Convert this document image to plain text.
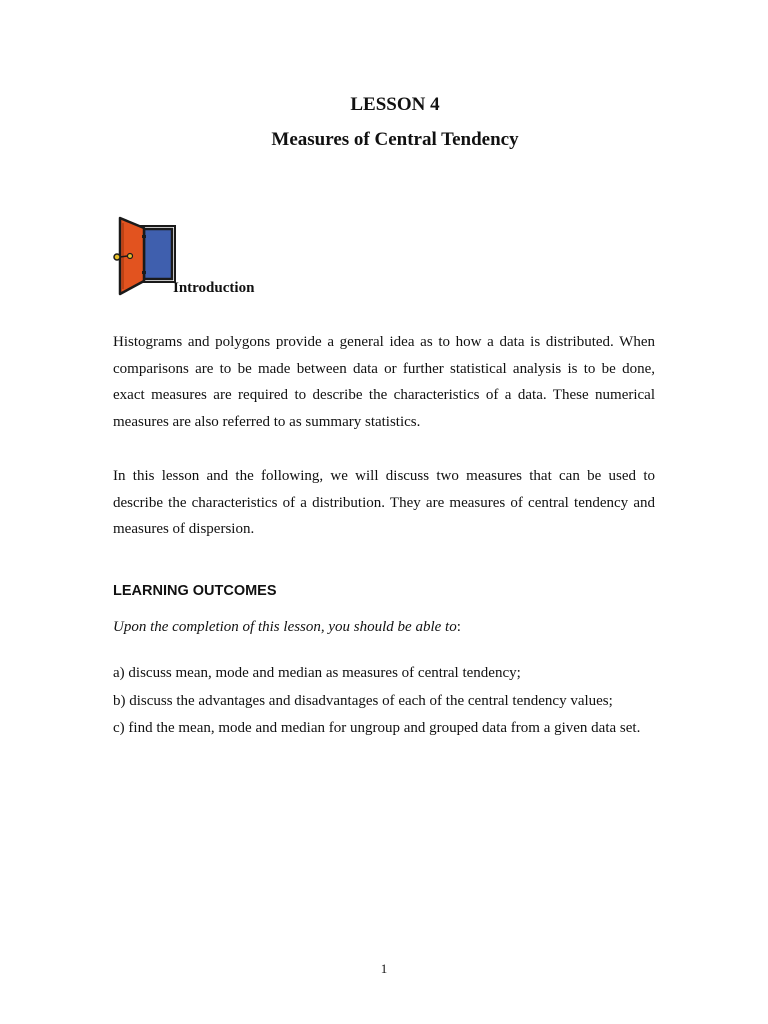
LESSON 4
Measures of Central Tendency
Introduction

Histograms and polygons provide a general idea as to how a data is distributed. When comparisons are to be made between data or further statistical analysis is to be done, exact measures are required to describe the characteristics of a data. These numerical measures are also referred to as summary statistics.

In this lesson and the following, we will discuss two measures that can be used to describe the characteristics of a distribution. They are measures of central tendency and measures of dispersion.

LEARNING OUTCOMES
Upon the completion of this lesson, you should be able to:
a) discuss mean, mode and median as measures of central tendency;
b) discuss the advantages and disadvantages of each of the central tendency values;
c) find the mean, mode and median for ungroup and grouped data from a given data set.
1
